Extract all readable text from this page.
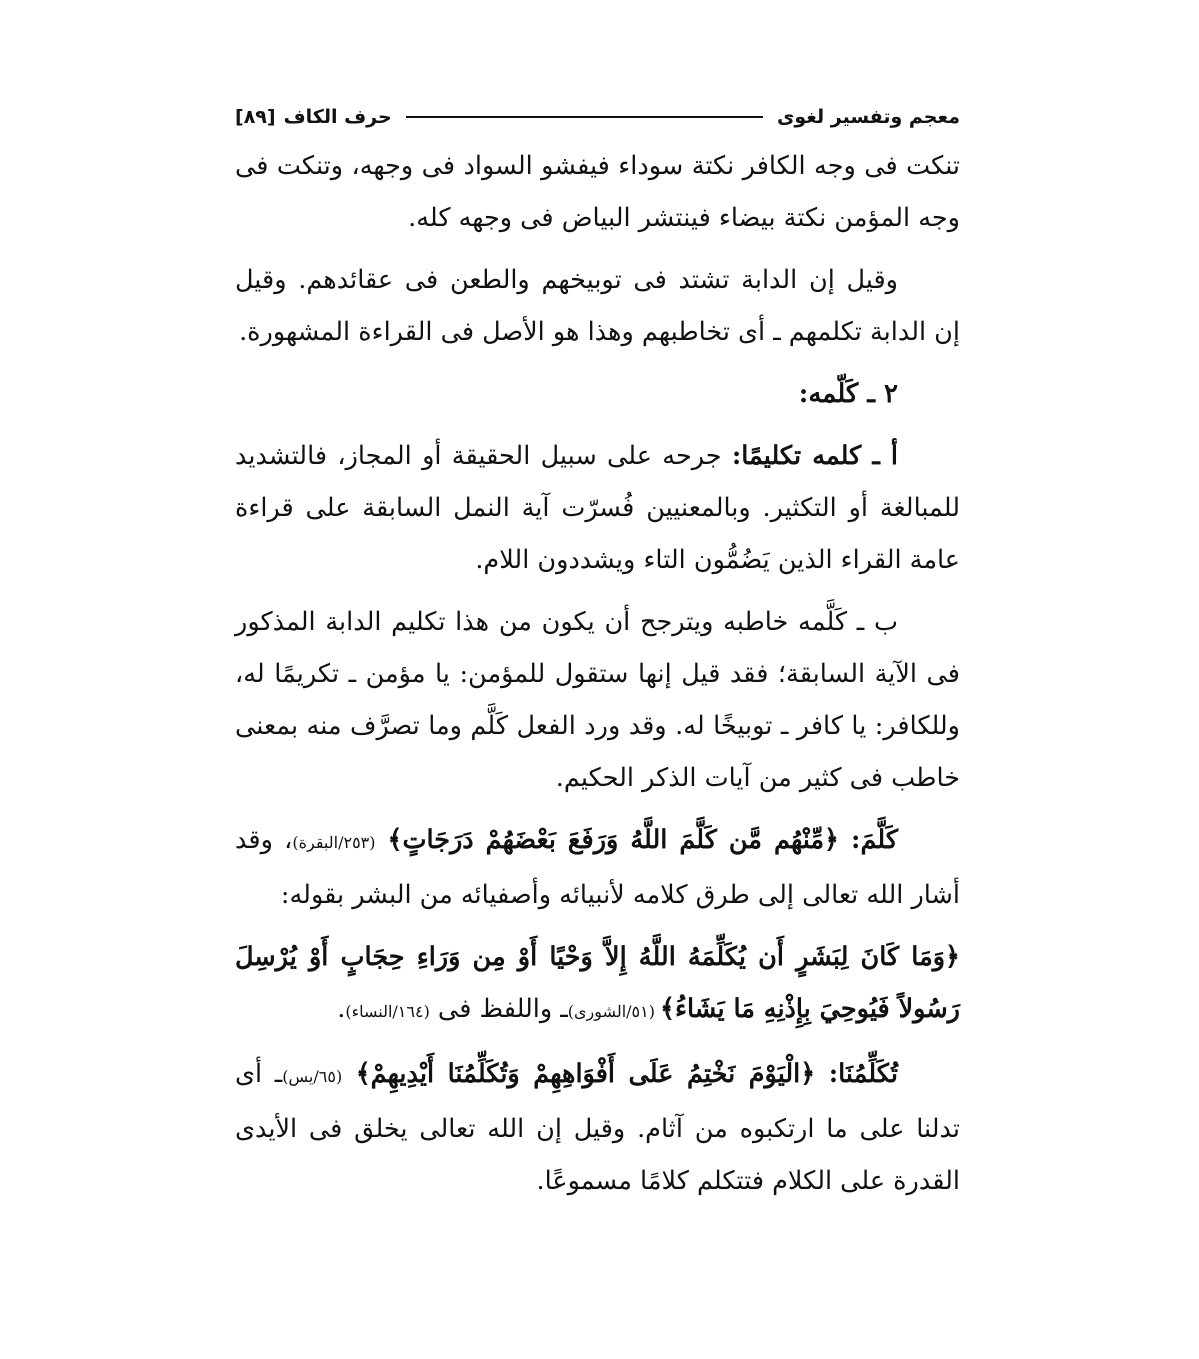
معجم وتفسير لغوى
حرف الكاف
[٨٩]

تنكت فى وجه الكافر نكتة سوداء فيفشو السواد فى وجهه، وتنكت فى وجه المؤمن نكتة بيضاء فينتشر البياض فى وجهه كله.

وقيل إن الدابة تشتد فى توبيخهم والطعن فى عقائدهم. وقيل إن الدابة تكلمهم ـ أى تخاطبهم وهذا هو الأصل فى القراءة المشهورة.

٢ ـ كَلّمه:

أ ـ كلمه تكليمًا: جرحه على سبيل الحقيقة أو المجاز، فالتشديد للمبالغة أو التكثير. وبالمعنيين فُسرّت آية النمل السابقة على قراءة عامة القراء الذين يَضُمُّون التاء ويشددون اللام.

ب ـ كَلَّمه خاطبه ويترجح أن يكون من هذا تكليم الدابة المذكور فى الآية السابقة؛ فقد قيل إنها ستقول للمؤمن: يا مؤمن ـ تكريمًا له، وللكافر: يا كافر ـ توبيخًا له. وقد ورد الفعل كَلَّم وما تصرَّف منه بمعنى خاطب فى كثير من آيات الذكر الحكيم.

كَلَّمَ: ﴿مِّنْهُم مَّن كَلَّمَ اللَّهُ وَرَفَعَ بَعْضَهُمْ دَرَجَاتٍ﴾ (٢٥٣/البقرة)، وقد أشار الله تعالى إلى طرق كلامه لأنبيائه وأصفيائه من البشر بقوله:

﴿وَمَا كَانَ لِبَشَرٍ أَن يُكَلِّمَهُ اللَّهُ إِلاَّ وَحْيًا أَوْ مِن وَرَاءِ حِجَابٍ أَوْ يُرْسِلَ رَسُولاً فَيُوحِيَ بِإِذْنِهِ مَا يَشَاءُ﴾ (٥١/الشورى)ـ واللفظ فى (١٦٤/النساء).

تُكَلِّمُنَا: ﴿الْيَوْمَ نَخْتِمُ عَلَى أَفْوَاهِهِمْ وَتُكَلِّمُنَا أَيْدِيهِمْ﴾ (٦٥/يس)ـ أى تدلنا على ما ارتكبوه من آثام. وقيل إن الله تعالى يخلق فى الأيدى القدرة على الكلام فتتكلم كلامًا مسموعًا.
